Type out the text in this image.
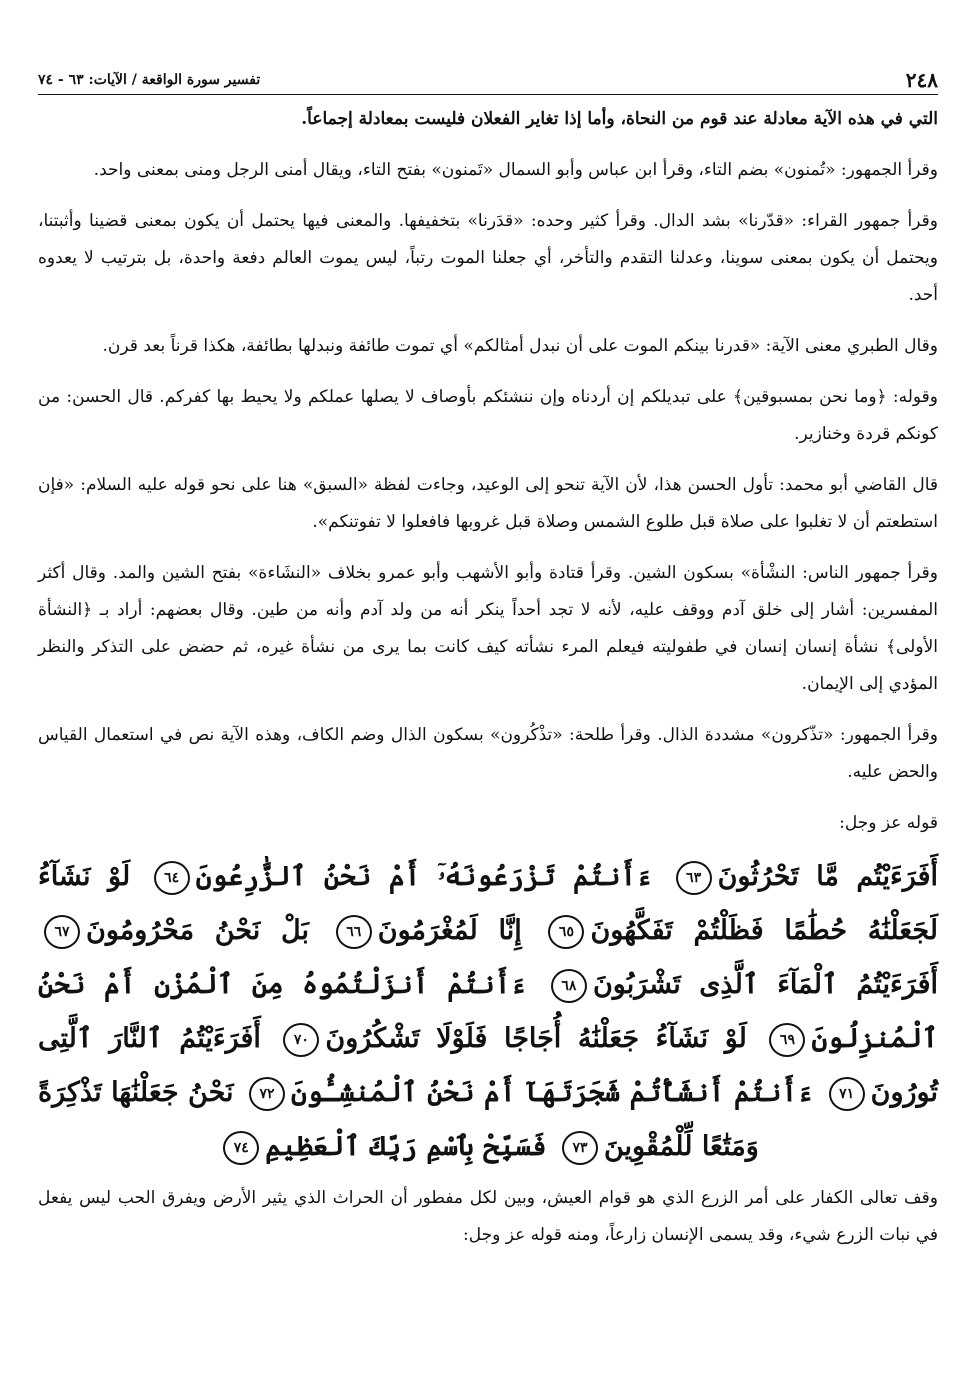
٢٤٨
تفسير سورة الواقعة / الآيات: ٦٣ - ٧٤

التي في هذه الآية معادلة عند قوم من النحاة، وأما إذا تغاير الفعلان فليست بمعادلة إجماعاً.

وقرأ الجمهور: «تُمنون» بضم التاء، وقرأ ابن عباس وأبو السمال «تَمنون» بفتح التاء، ويقال أمنى الرجل ومنى بمعنى واحد.

وقرأ جمهور القراء: «قدّرنا» بشد الدال. وقرأ كثير وحده: «قدَرنا» بتخفيفها. والمعنى فيها يحتمل أن يكون بمعنى قضينا وأثبتنا، ويحتمل أن يكون بمعنى سوينا، وعدلنا التقدم والتأخر، أي جعلنا الموت رتباً، ليس يموت العالم دفعة واحدة، بل بترتيب لا يعدوه أحد.

وقال الطبري معنى الآية: «قدرنا بينكم الموت على أن نبدل أمثالكم» أي تموت طائفة ونبدلها بطائفة، هكذا قرناً بعد قرن.

وقوله: ﴿وما نحن بمسبوقين﴾ على تبديلكم إن أردناه وإن ننشئكم بأوصاف لا يصلها عملكم ولا يحيط بها كفركم. قال الحسن: من كونكم قردة وخنازير.

قال القاضي أبو محمد: تأول الحسن هذا، لأن الآية تنحو إلى الوعيد، وجاءت لفظة «السبق» هنا على نحو قوله عليه السلام: «فإن استطعتم أن لا تغلبوا على صلاة قبل طلوع الشمس وصلاة قبل غروبها فافعلوا لا تفوتنكم».

وقرأ جمهور الناس: النشْأة» بسكون الشين. وقرأ قتادة وأبو الأشهب وأبو عمرو بخلاف «النشَاءة» بفتح الشين والمد. وقال أكثر المفسرين: أشار إلى خلق آدم ووقف عليه، لأنه لا تجد أحداً ينكر أنه من ولد آدم وأنه من طين. وقال بعضهم: أراد بـ ﴿النشأة الأولى﴾ نشأة إنسان إنسان في طفوليته فيعلم المرء نشأته كيف كانت بما يرى من نشأة غيره، ثم حضض على التذكر والنظر المؤدي إلى الإيمان.

وقرأ الجمهور: «تذّكرون» مشددة الذال. وقرأ طلحة: «تذْكُرون» بسكون الذال وضم الكاف، وهذه الآية نص في استعمال القياس والحض عليه.

قوله عز وجل:

أَفَرَءَيْتُم مَّا تَحْرُثُونَ٦٣ ءَأَنتُمْ تَزْرَعُونَهُۥٓ أَمْ نَحْنُ ٱلزَّٰرِعُونَ٦٤ لَوْ نَشَآءُ لَجَعَلْنَٰهُ حُطَٰمًا فَظَلْتُمْ تَفَكَّهُونَ٦٥ إِنَّا لَمُغْرَمُونَ٦٦ بَلْ نَحْنُ مَحْرُومُونَ٦٧ أَفَرَءَيْتُمُ ٱلْمَآءَ ٱلَّذِى تَشْرَبُونَ٦٨ ءَأَنتُمْ أَنزَلْتُمُوهُ مِنَ ٱلْمُزْنِ أَمْ نَحْنُ ٱلْمُنزِلُونَ٦٩ لَوْ نَشَآءُ جَعَلْنَٰهُ أُجَاجًا فَلَوْلَا تَشْكُرُونَ٧٠ أَفَرَءَيْتُمُ ٱلنَّارَ ٱلَّتِى تُورُونَ٧١ ءَأَنتُمْ أَنشَأْتُمْ شَجَرَتَهَآ أَمْ نَحْنُ ٱلْمُنشِـُٔونَ٧٢ نَحْنُ جَعَلْنَٰهَا تَذْكِرَةً وَمَتَٰعًا لِّلْمُقْوِينَ٧٣ فَسَبِّحْ بِٱسْمِ رَبِّكَ ٱلْعَظِيمِ٧٤

وقف تعالى الكفار على أمر الزرع الذي هو قوام العيش، وبين لكل مفطور أن الحراث الذي يثير الأرض ويفرق الحب ليس يفعل في نبات الزرع شيء، وقد يسمى الإنسان زارعاً، ومنه قوله عز وجل:
